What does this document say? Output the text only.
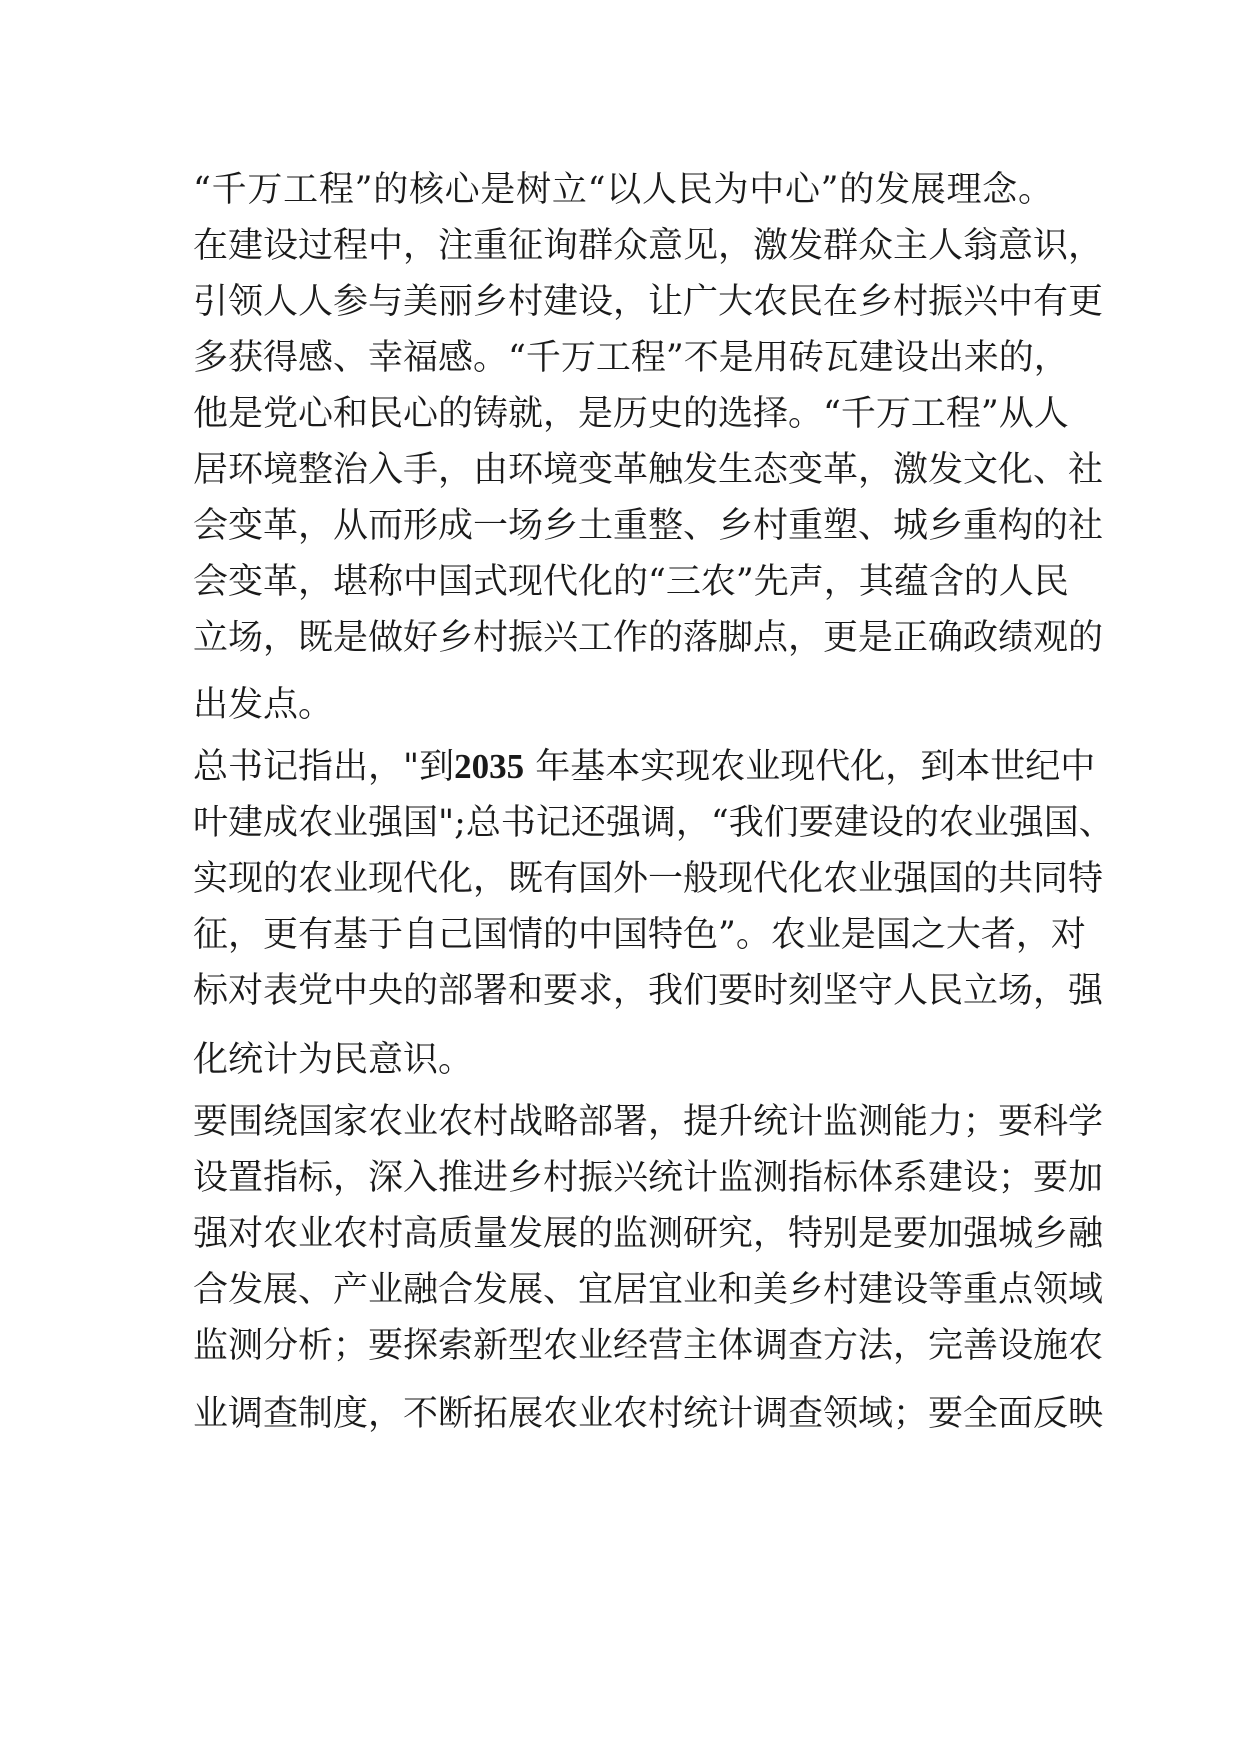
“千万工程”的核心是树立“以人民为中心”的发展理念。
在建设过程中，注重征询群众意见，激发群众主人翁意识，
引领人人参与美丽乡村建设，让广大农民在乡村振兴中有更
多获得感、幸福感。“千万工程”不是用砖瓦建设出来的，
他是党心和民心的铸就，是历史的选择。“千万工程”从人
居环境整治入手，由环境变革触发生态变革，激发文化、社
会变革，从而形成一场乡土重整、乡村重塑、城乡重构的社
会变革，堪称中国式现代化的“三农”先声，其蕴含的人民
立场，既是做好乡村振兴工作的落脚点，更是正确政绩观的
出发点。
总书记指出，"到2035 年基本实现农业现代化，到本世纪中
叶建成农业强国";总书记还强调，“我们要建设的农业强国、
实现的农业现代化，既有国外一般现代化农业强国的共同特
征，更有基于自己国情的中国特色”。农业是国之大者，对
标对表党中央的部署和要求，我们要时刻坚守人民立场，强
化统计为民意识。
要围绕国家农业农村战略部署，提升统计监测能力；要科学
设置指标，深入推进乡村振兴统计监测指标体系建设；要加
强对农业农村高质量发展的监测研究，特别是要加强城乡融
合发展、产业融合发展、宜居宜业和美乡村建设等重点领域
监测分析；要探索新型农业经营主体调查方法，完善设施农
业调查制度，不断拓展农业农村统计调查领域；要全面反映
